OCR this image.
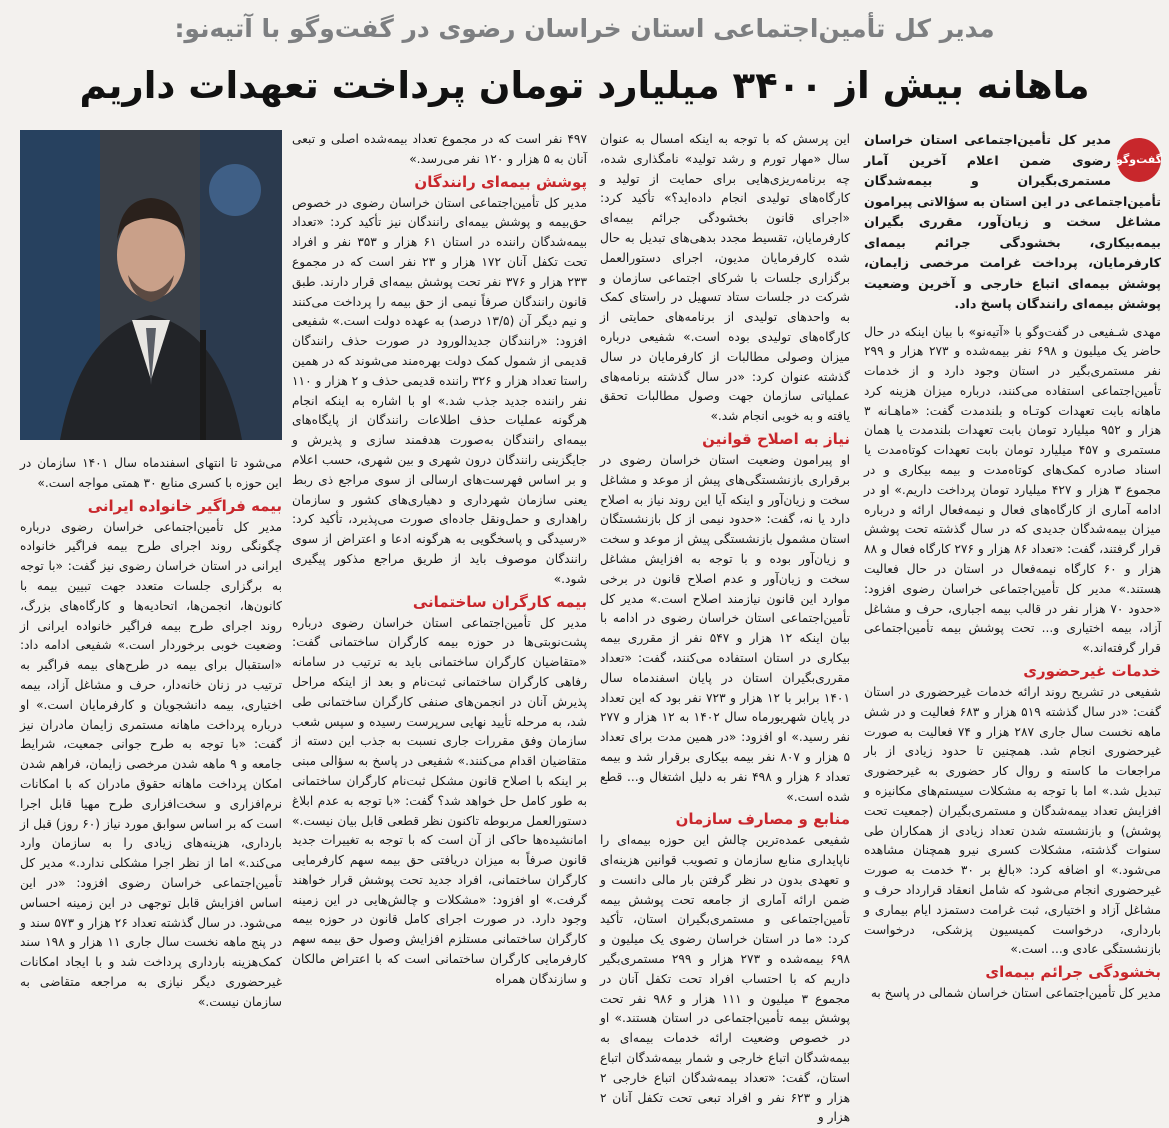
مدیر کل تأمین‌اجتماعی استان خراسان رضوی در گفت‌وگو با آتیه‌نو:
ماهانه بیش از ۳۴۰۰ میلیارد تومان پرداخت تعهدات داریم
گفت‌وگو

مدیر کل تأمین‌اجتماعی استان خراسان رضوی ضمن اعلام آخرین آمار مستمری‌بگیران و بیمه‌شدگان تأمین‌اجتماعی در این استان به سؤالاتی پیرامون مشاغل سخت و زیان‌آور، مقرری بگیران بیمه‌بیکاری، بخشودگی جرائم بیمه‌ای کارفرمایان، پرداخت غرامت مرخصی زایمان، پوشش بیمه‌ای اتباع خارجی و آخرین وضعیت پوشش بیمه‌ای رانندگان پاسخ داد.

مهدی شـفیعی در گفت‌وگو با «آتیه‌نو» با بیان اینکه در حال حاضر یک میلیون و ۶۹۸ نفر بیمه‌شده و ۲۷۳ هزار و ۲۹۹ نفر مستمری‌بگیر در استان وجود دارد و از خدمات تأمین‌اجتماعی استفاده می‌کنند، درباره میزان هزینه کرد ماهانه بابت تعهدات کوتـاه و بلندمدت گفت: «ماهـانه ۳ هزار و ۹۵۲ میلیارد تومان بابت تعهدات بلندمدت یا همان مستمری و ۴۵۷ میلیارد تومان بابت تعهدات کوتاه‌مدت یا اسناد صادره کمک‌های کوتاه‌مدت و بیمه بیکاری و در مجموع ۳ هزار و ۴۲۷ میلیارد تومان پرداخت داریم.» او در ادامه آماری از کارگاه‌های فعال و نیمه‌فعال ارائه و درباره میزان بیمه‌شدگان جدیدی که در سال گذشته تحت پوشش قرار گرفتند، گفت: «تعداد ۸۶ هزار و ۲۷۶ کارگاه فعال و ۸۸ هزار و ۶۰ کارگاه نیمه‌فعال در استان در حال فعالیت هستند.» مدیر کل تأمین‌اجتماعی خراسان رضوی افزود: «حدود ۷۰ هزار نفر در قالب بیمه اجباری، حرف و مشاغل آزاد، بیمه اختیاری و... تحت پوشش بیمه تأمین‌اجتماعی قرار گرفته‌اند.»

خدمات غیرحضوری

شفیعی در تشریح روند ارائه خدمات غیرحضوری در استان گفت: «در سال گذشته ۵۱۹ هزار و ۶۸۳ فعالیت و در شش ماهه نخست سال جاری ۲۸۷ هزار و ۷۴ فعالیت به صورت غیرحضوری انجام شد. همچنین تا حدود زیادی از بار مراجعات ما کاسته و روال کار حضوری به غیرحضوری تبدیل شد.» اما با توجه به مشکلات سیستم‌های مکانیزه و افزایش تعداد بیمه‌شدگان و مستمری‌بگیران (جمعیت تحت پوشش) و بازنشسته شدن تعداد زیادی از همکاران طی سنوات گذشته، مشکلات کسری نیرو همچنان مشاهده می‌شود.» او اضافه کرد: «بالغ بر ۳۰ خدمت به صورت غیرحضوری انجام می‌شود که شامل انعقاد قرارداد حرف و مشاغل آزاد و اختیاری، ثبت غرامت دستمزد ایام بیماری و بارداری، درخواست کمیسیون پزشکی، درخواست بازنشستگی عادی و... است.»

بخشودگی جرائم بیمه‌ای

مدیر کل تأمین‌اجتماعی استان خراسان شمالی در پاسخ به

این پرسش که با توجه به اینکه امسال به عنوان سال «مهار تورم و رشد تولید» نامگذاری شده، چه برنامه‌ریزی‌هایی برای حمایت از تولید و کارگاه‌های تولیدی انجام داده‌اید؟» تأکید کرد: «اجرای قانون بخشودگی جرائم بیمه‌ای کارفرمایان، تقسیط مجدد بدهی‌های تبدیل به حال شده کارفرمایان مدیون، اجرای دستورالعمل برگزاری جلسات با شرکای اجتماعی سازمان و شرکت در جلسات ستاد تسهیل در راستای کمک به واحدهای تولیدی از برنامه‌های حمایتی از کارگاه‌های تولیدی بوده است.» شفیعی درباره میزان وصولی مطالبات از کارفرمایان در سال گذشته عنوان کرد: «در سال گذشته برنامه‌های عملیاتی سازمان جهت وصول مطالبات تحقق یافته و به خوبی انجام شد.»

نیاز به اصلاح قوانین

او پیرامون وضعیت استان خراسان رضوی در برقراری بازنشستگی‌های پیش از موعد و مشاغل سخت و زیان‌آور و اینکه آیا این روند نیاز به اصلاح دارد یا نه، گفت: «حدود نیمی از کل بازنشستگان استان مشمول بازنشستگی پیش از موعد و سخت و زیان‌آور بوده و با توجه به افزایش مشاغل سخت و زیان‌آور و عدم اصلاح قانون در برخی موارد این قانون نیازمند اصلاح است.» مدیر کل تأمین‌اجتماعی استان خراسان رضوی در ادامه با بیان اینکه ۱۲ هزار و ۵۴۷ نفر از مقرری بیمه بیکاری در استان استفاده می‌کنند، گفت: «تعداد مقرری‌بگیران استان در پایان اسفندماه سال ۱۴۰۱ برابر با ۱۲ هزار و ۷۲۳ نفر بود که این تعداد در پایان شهریورماه سال ۱۴۰۲ به ۱۲ هزار و ۲۷۷ نفر رسید.» او افزود: «در همین مدت برای تعداد ۵ هزار و ۸۰۷ نفر بیمه بیکاری برقرار شد و بیمه تعداد ۶ هزار و ۴۹۸ نفر به دلیل اشتغال و... قطع شده است.»

منابع و مصارف سازمان

شفیعی عمده‌ترین چالش این حوزه بیمه‌ای را ناپایداری منابع سازمان و تصویب قوانین هزینه‌ای و تعهدی بدون در نظر گرفتن بار مالی دانست و ضمن ارائه آماری از جامعه تحت پوشش بیمه تأمین‌اجتماعی و مستمری‌بگیران استان، تأکید کرد: «ما در استان خراسان رضوی یک میلیون و ۶۹۸ بیمه‌شده و ۲۷۳ هزار و ۲۹۹ مستمری‌بگیر داریم که با احتساب افراد تحت تکفل آنان در مجموع ۳ میلیون و ۱۱۱ هزار و ۹۸۶ نفر تحت پوشش بیمه تأمین‌اجتماعی در استان هستند.» او در خصوص وضعیت ارائه خدمات بیمه‌ای به بیمه‌شدگان اتباع خارجی و شمار بیمه‌شدگان اتباع استان، گفت: «تعداد بیمه‌شدگان اتباع خارجی ۲ هزار و ۶۲۳ نفر و افراد تبعی تحت تکفل آنان ۲ هزار و

۴۹۷ نفر است که در مجموع تعداد بیمه‌شده اصلی و تبعی آنان به ۵ هزار و ۱۲۰ نفر می‌رسد.»

پوشش بیمه‌ای رانندگان

مدیر کل تأمین‌اجتماعی استان خراسان رضوی در خصوص حق‌بیمه و پوشش بیمه‌ای رانندگان نیز تأکید کرد: «تعداد بیمه‌شدگان راننده در استان ۶۱ هزار و ۳۵۳ نفر و افراد تحت تکفل آنان ۱۷۲ هزار و ۲۳ نفر است که در مجموع ۲۳۳ هزار و ۳۷۶ نفر تحت پوشش بیمه‌ای قرار دارند. طبق قانون رانندگان صرفاً نیمی از حق بیمه را پرداخت می‌کنند و نیم دیگر آن (۱۳/۵ درصد) به عهده دولت است.» شفیعی افزود: «رانندگان جدیدالورود در صورت حذف رانندگان قدیمی از شمول کمک دولت بهره‌مند می‌شوند که در همین راستا تعداد هزار و ۳۲۶ راننده قدیمی حذف و ۲ هزار و ۱۱۰ نفر راننده جدید جذب شد.» او با اشاره به اینکه انجام هرگونه عملیات حذف اطلاعات رانندگان از پایگاه‌های بیمه‌ای رانندگان به‌صورت هدفمند سازی و پذیرش و جایگزینی رانندگان درون شهری و بین شهری، حسب اعلام و بر اساس فهرست‌های ارسالی از سوی مراجع ذی ربط یعنی سازمان شهرداری و دهیاری‌های کشور و سازمان راهداری و حمل‌ونقل جاده‌ای صورت می‌پذیرد، تأکید کرد: «رسیدگی و پاسخگویی به هرگونه ادعا و اعتراض از سوی رانندگان موصوف باید از طریق مراجع مذکور پیگیری شود.»

بیمه کارگران ساختمانی

مدیر کل تأمین‌اجتماعی استان خراسان رضوی درباره پشت‌نوبتی‌ها در حوزه بیمه کارگران ساختمانی گفت: «متقاضیان کارگران ساختمانی باید به ترتیب در سامانه رفاهی کارگران ساختمانی ثبت‌نام و بعد از اینکه مراحل پذیرش آنان در انجمن‌های صنفی کارگران ساختمانی طی شد، به مرحله تأیید نهایی سرپرست رسیده و سپس شعب سازمان وفق مقررات جاری نسبت به جذب این دسته از متقاضیان اقدام می‌کنند.» شفیعی در پاسخ به سؤالی مبنی بر اینکه با اصلاح قانون مشکل ثبت‌نام کارگران ساختمانی به طور کامل حل خواهد شد؟ گفت: «با توجه به عدم ابلاغ دستورالعمل مربوطه تاکنون نظر قطعی قابل بیان نیست.» امانشیده‌ها حاکی از آن است که با توجه به تغییرات جدید قانون صرفاً به میزان دریافتی حق بیمه سهم کارفرمایی کارگران ساختمانی، افراد جدید تحت پوشش قرار خواهند گرفت.» او افزود: «مشکلات و چالش‌هایی در این زمینه وجود دارد. در صورت اجرای کامل قانون در حوزه بیمه کارگران ساختمانی مستلزم افزایش وصول حق بیمه سهم کارفرمایی کارگران ساختمانی است که با اعتراض مالکان و سازندگان همراه

می‌شود تا انتهای اسفندماه سال ۱۴۰۱ سازمان در این حوزه با کسری منابع ۳۰ همتی مواجه است.»

بیمه فراگیر خانواده ایرانی

مدیر کل تأمین‌اجتماعی خراسان رضوی درباره چگونگی روند اجرای طرح بیمه فراگیر خانواده ایرانی در استان خراسان رضوی نیز گفت: «با توجه به برگزاری جلسات متعدد جهت تبیین بیمه با کانون‌ها، انجمن‌ها، اتحادیه‌ها و کارگاه‌های بزرگ، روند اجرای طرح بیمه فراگیر خانواده ایرانی از وضعیت خوبی برخوردار است.» شفیعی ادامه داد: «استقبال برای بیمه در طرح‌های بیمه فراگیر به ترتیب در زنان خانه‌دار، حرف و مشاغل آزاد، بیمه اختیاری، بیمه دانشجویان و کارفرمایان است.» او درباره پرداخت ماهانه مستمری زایمان مادران نیز گفت: «با توجه به طرح جوانی جمعیت، شرایط جامعه و ۹ ماهه شدن مرخصی زایمان، فراهم شدن امکان پرداخت ماهانه حقوق مادران که با امکانات نرم‌افزاری و سخت‌افزاری طرح مهیا قابل اجرا است که بر اساس سوابق مورد نیاز (۶۰ روز) قبل از بارداری، هزینه‌های زیادی را به سازمان وارد می‌کند.» اما از نظر اجرا مشکلی ندارد.» مدیر کل تأمین‌اجتماعی خراسان رضوی افزود: «در این اساس افزایش قابل توجهی در این زمینه احساس می‌شود. در سال گذشته تعداد ۲۶ هزار و ۵۷۳ سند و در پنج ماهه نخست سال جاری ۱۱ هزار و ۱۹۸ سند کمک‌هزینه بارداری پرداخت شد و با ایجاد امکانات غیرحضوری دیگر نیازی به مراجعه متقاضی به سازمان نیست.»
